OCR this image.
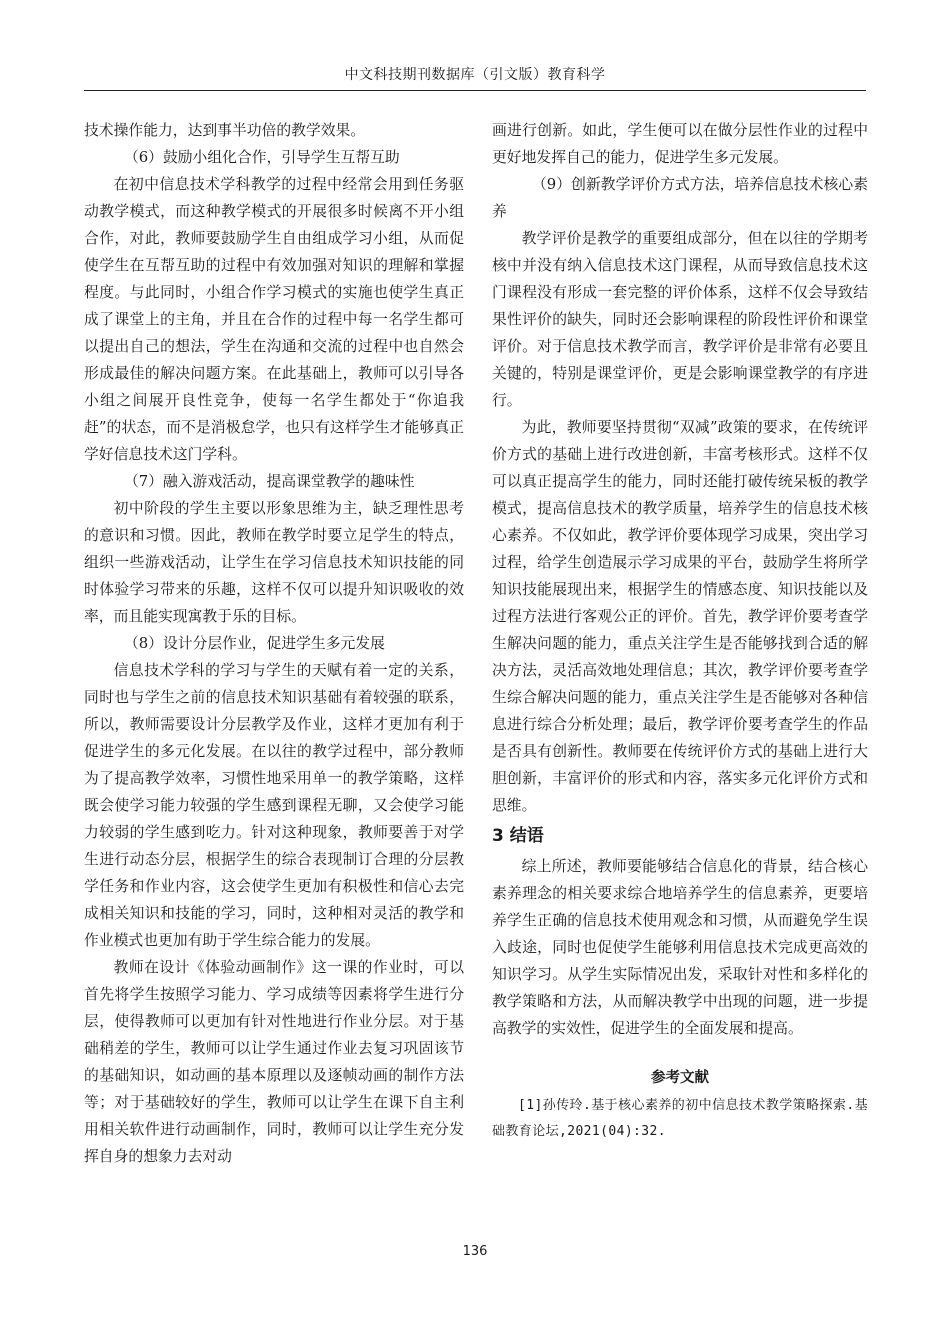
中文科技期刊数据库（引文版）教育科学

技术操作能力，达到事半功倍的教学效果。

（6）鼓励小组化合作，引导学生互帮互助

在初中信息技术学科教学的过程中经常会用到任务驱动教学模式，而这种教学模式的开展很多时候离不开小组合作，对此，教师要鼓励学生自由组成学习小组，从而促使学生在互帮互助的过程中有效加强对知识的理解和掌握程度。与此同时，小组合作学习模式的实施也使学生真正成了课堂上的主角，并且在合作的过程中每一名学生都可以提出自己的想法，学生在沟通和交流的过程中也自然会形成最佳的解决问题方案。在此基础上，教师可以引导各小组之间展开良性竞争，使每一名学生都处于“你追我赶”的状态，而不是消极怠学，也只有这样学生才能够真正学好信息技术这门学科。

（7）融入游戏活动，提高课堂教学的趣味性

初中阶段的学生主要以形象思维为主，缺乏理性思考的意识和习惯。因此，教师在教学时要立足学生的特点，组织一些游戏活动，让学生在学习信息技术知识技能的同时体验学习带来的乐趣，这样不仅可以提升知识吸收的效率，而且能实现寓教于乐的目标。

（8）设计分层作业，促进学生多元发展

信息技术学科的学习与学生的天赋有着一定的关系，同时也与学生之前的信息技术知识基础有着较强的联系，所以，教师需要设计分层教学及作业，这样才更加有利于促进学生的多元化发展。在以往的教学过程中，部分教师为了提高教学效率，习惯性地采用单一的教学策略，这样既会使学习能力较强的学生感到课程无聊，又会使学习能力较弱的学生感到吃力。针对这种现象，教师要善于对学生进行动态分层，根据学生的综合表现制订合理的分层教学任务和作业内容，这会使学生更加有积极性和信心去完成相关知识和技能的学习，同时，这种相对灵活的教学和作业模式也更加有助于学生综合能力的发展。

教师在设计《体验动画制作》这一课的作业时，可以首先将学生按照学习能力、学习成绩等因素将学生进行分层，使得教师可以更加有针对性地进行作业分层。对于基础稍差的学生，教师可以让学生通过作业去复习巩固该节的基础知识，如动画的基本原理以及逐帧动画的制作方法等；对于基础较好的学生，教师可以让学生在课下自主利用相关软件进行动画制作，同时，教师可以让学生充分发挥自身的想象力去对动

画进行创新。如此，学生便可以在做分层性作业的过程中更好地发挥自己的能力，促进学生多元发展。

（9）创新教学评价方式方法，培养信息技术核心素养

教学评价是教学的重要组成部分，但在以往的学期考核中并没有纳入信息技术这门课程，从而导致信息技术这门课程没有形成一套完整的评价体系，这样不仅会导致结果性评价的缺失，同时还会影响课程的阶段性评价和课堂评价。对于信息技术教学而言，教学评价是非常有必要且关键的，特别是课堂评价，更是会影响课堂教学的有序进行。

为此，教师要坚持贯彻“双减”政策的要求，在传统评价方式的基础上进行改进创新，丰富考核形式。这样不仅可以真正提高学生的能力，同时还能打破传统呆板的教学模式，提高信息技术的教学质量，培养学生的信息技术核心素养。不仅如此，教学评价要体现学习成果，突出学习过程，给学生创造展示学习成果的平台，鼓励学生将所学知识技能展现出来，根据学生的情感态度、知识技能以及过程方法进行客观公正的评价。首先，教学评价要考查学生解决问题的能力，重点关注学生是否能够找到合适的解决方法，灵活高效地处理信息；其次，教学评价要考查学生综合解决问题的能力，重点关注学生是否能够对各种信息进行综合分析处理；最后，教学评价要考查学生的作品是否具有创新性。教师要在传统评价方式的基础上进行大胆创新，丰富评价的形式和内容，落实多元化评价方式和思维。

3 结语

综上所述，教师要能够结合信息化的背景，结合核心素养理念的相关要求综合地培养学生的信息素养，更要培养学生正确的信息技术使用观念和习惯，从而避免学生误入歧途，同时也促使学生能够利用信息技术完成更高效的知识学习。从学生实际情况出发，采取针对性和多样化的教学策略和方法，从而解决教学中出现的问题，进一步提高教学的实效性，促进学生的全面发展和提高。

参考文献

[1]孙传玲.基于核心素养的初中信息技术教学策略探索.基础教育论坛,2021(04):32.

136
